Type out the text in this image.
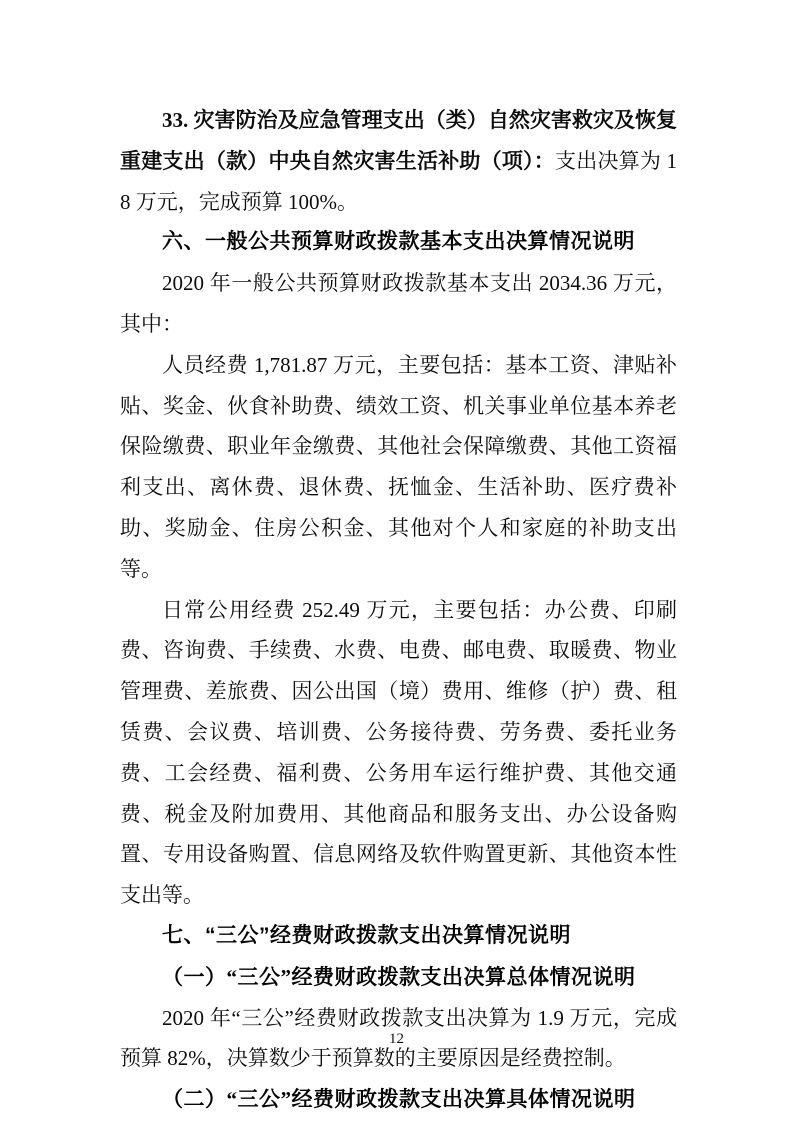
33. 灾害防治及应急管理支出（类）自然灾害救灾及恢复重建支出（款）中央自然灾害生活补助（项）：支出决算为 18 万元，完成预算 100%。

六、一般公共预算财政拨款基本支出决算情况说明

2020 年一般公共预算财政拨款基本支出 2034.36 万元，其中：

人员经费 1,781.87 万元，主要包括：基本工资、津贴补贴、奖金、伙食补助费、绩效工资、机关事业单位基本养老保险缴费、职业年金缴费、其他社会保障缴费、其他工资福利支出、离休费、退休费、抚恤金、生活补助、医疗费补助、奖励金、住房公积金、其他对个人和家庭的补助支出等。

日常公用经费 252.49 万元，主要包括：办公费、印刷费、咨询费、手续费、水费、电费、邮电费、取暖费、物业管理费、差旅费、因公出国（境）费用、维修（护）费、租赁费、会议费、培训费、公务接待费、劳务费、委托业务费、工会经费、福利费、公务用车运行维护费、其他交通费、税金及附加费用、其他商品和服务支出、办公设备购置、专用设备购置、信息网络及软件购置更新、其他资本性支出等。

七、“三公”经费财政拨款支出决算情况说明

（一）“三公”经费财政拨款支出决算总体情况说明

2020 年“三公”经费财政拨款支出决算为 1.9 万元，完成预算 82%，决算数少于预算数的主要原因是经费控制。

（二）“三公”经费财政拨款支出决算具体情况说明

12
